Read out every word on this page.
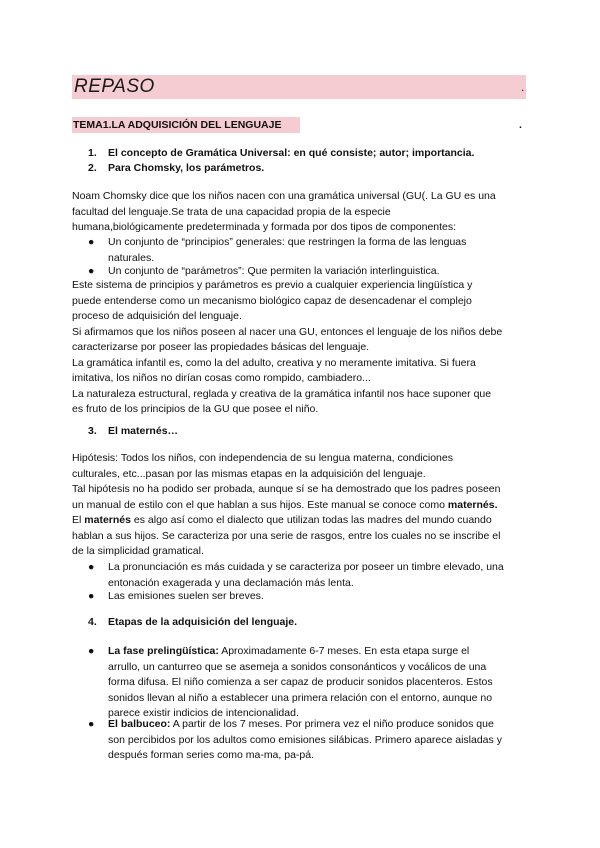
REPASO	.
TEMA1.LA ADQUISICIÓN DEL LENGUAJE	.
1. El concepto de Gramática Universal: en qué consiste; autor; importancia.
2. Para Chomsky, los parámetros.
Noam Chomsky dice que los niños nacen con una gramática universal (GU(. La GU es una
facultad del lenguaje.Se trata de una capacidad propia de la especie
humana,biológicamente predeterminada y formada por dos tipos de componentes:
● Un conjunto de “principios” generales: que restringen la forma de las lenguas
naturales.
● Un conjunto de “parámetros”: Que permiten la variación interlinguistica.
Este sistema de principios y parámetros es previo a cualquier experiencia lingüística y
puede entenderse como un mecanismo biológico capaz de desencadenar el complejo
proceso de adquisición del lenguaje.
Si afirmamos que los niños poseen al nacer una GU, entonces el lenguaje de los niños debe
caracterizarse por poseer las propiedades básicas del lenguaje.
La gramática infantil es, como la del adulto, creativa y no meramente imitativa. Si fuera
imitativa, los niños no dirían cosas como rompido, cambiadero...
La naturaleza estructural, reglada y creativa de la gramática infantil nos hace suponer que
es fruto de los principios de la GU que posee el niño.
3. El maternés…
Hipótesis: Todos los niños, con independencia de su lengua materna, condiciones
culturales, etc...pasan por las mismas etapas en la adquisición del lenguaje.
Tal hipótesis no ha podido ser probada, aunque sí se ha demostrado que los padres poseen
un manual de estilo con el que hablan a sus hijos. Este manual se conoce como maternés.
El maternés es algo así como el dialecto que utilizan todas las madres del mundo cuando
hablan a sus hijos. Se caracteriza por una serie de rasgos, entre los cuales no se inscribe el
de la simplicidad gramatical.
● La pronunciación es más cuidada y se caracteriza por poseer un timbre elevado, una
entonación exagerada y una declamación más lenta.
● Las emisiones suelen ser breves.
4. Etapas de la adquisición del lenguaje.
● La fase prelingüística: Aproximadamente 6-7 meses. En esta etapa surge el
arrullo, un canturreo que se asemeja a sonidos consonánticos y vocálicos de una
forma difusa. El niño comienza a ser capaz de producir sonidos placenteros. Estos
sonidos llevan al niño a establecer una primera relación con el entorno, aunque no
parece existir indicios de intencionalidad.
● El balbuceo: A partir de los 7 meses. Por primera vez el niño produce sonidos que
son percibidos por los adultos como emisiones silábicas. Primero aparece aisladas y
después forman series como ma-ma, pa-pá.
